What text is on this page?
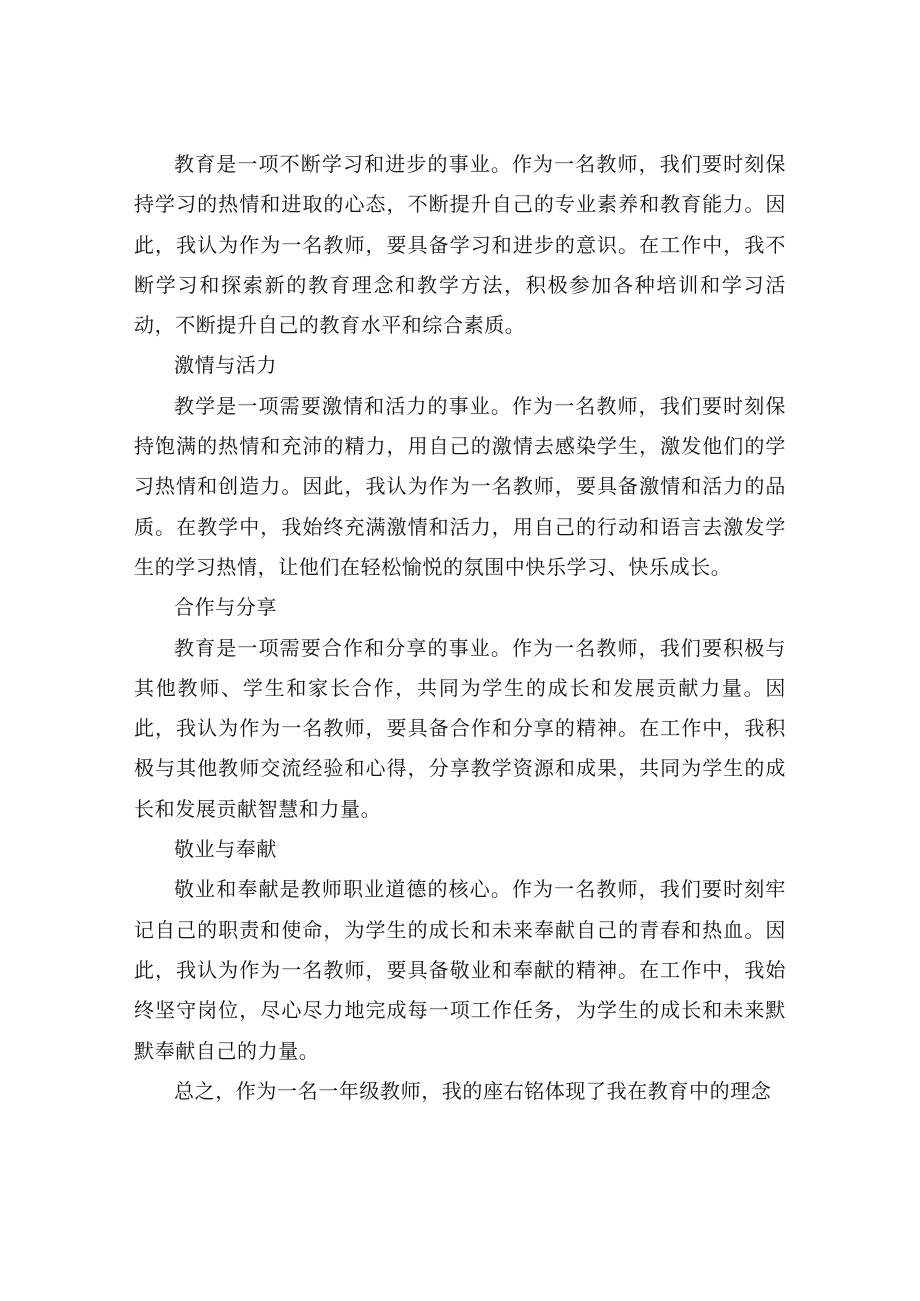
教育是一项不断学习和进步的事业。作为一名教师，我们要时刻保持学习的热情和进取的心态，不断提升自己的专业素养和教育能力。因此，我认为作为一名教师，要具备学习和进步的意识。在工作中，我不断学习和探索新的教育理念和教学方法，积极参加各种培训和学习活动，不断提升自己的教育水平和综合素质。

激情与活力

教学是一项需要激情和活力的事业。作为一名教师，我们要时刻保持饱满的热情和充沛的精力，用自己的激情去感染学生，激发他们的学习热情和创造力。因此，我认为作为一名教师，要具备激情和活力的品质。在教学中，我始终充满激情和活力，用自己的行动和语言去激发学生的学习热情，让他们在轻松愉悦的氛围中快乐学习、快乐成长。

合作与分享

教育是一项需要合作和分享的事业。作为一名教师，我们要积极与其他教师、学生和家长合作，共同为学生的成长和发展贡献力量。因此，我认为作为一名教师，要具备合作和分享的精神。在工作中，我积极与其他教师交流经验和心得，分享教学资源和成果，共同为学生的成长和发展贡献智慧和力量。

敬业与奉献

敬业和奉献是教师职业道德的核心。作为一名教师，我们要时刻牢记自己的职责和使命，为学生的成长和未来奉献自己的青春和热血。因此，我认为作为一名教师，要具备敬业和奉献的精神。在工作中，我始终坚守岗位，尽心尽力地完成每一项工作任务，为学生的成长和未来默默奉献自己的力量。

总之，作为一名一年级教师，我的座右铭体现了我在教育中的理念
